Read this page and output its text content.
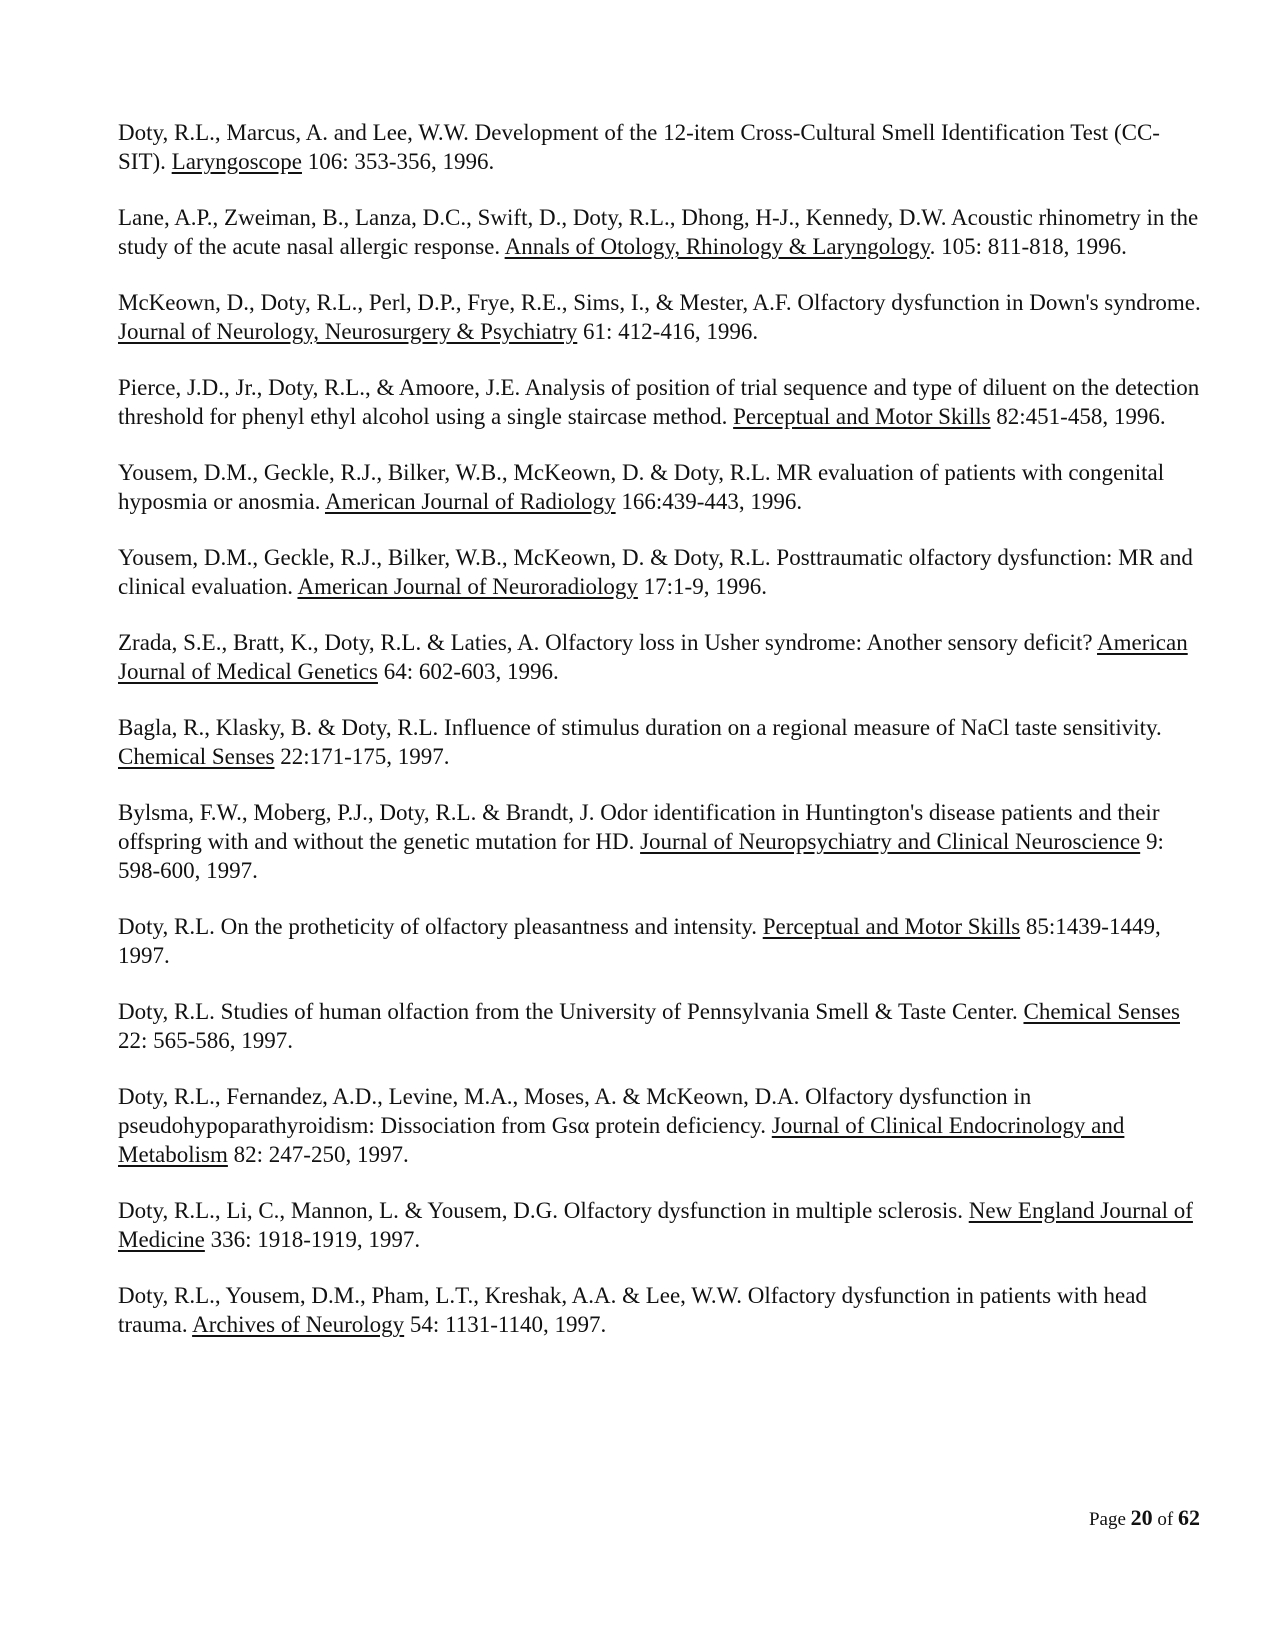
Doty, R.L., Marcus, A. and Lee, W.W. Development of the 12-item Cross-Cultural Smell Identification Test (CC-SIT). Laryngoscope 106: 353-356, 1996.

Lane, A.P., Zweiman, B., Lanza, D.C., Swift, D., Doty, R.L., Dhong, H-J., Kennedy, D.W. Acoustic rhinometry in the study of the acute nasal allergic response. Annals of Otology, Rhinology & Laryngology. 105: 811-818, 1996.

McKeown, D., Doty, R.L., Perl, D.P., Frye, R.E., Sims, I., & Mester, A.F. Olfactory dysfunction in Down's syndrome. Journal of Neurology, Neurosurgery & Psychiatry 61: 412-416, 1996.

Pierce, J.D., Jr., Doty, R.L., & Amoore, J.E. Analysis of position of trial sequence and type of diluent on the detection threshold for phenyl ethyl alcohol using a single staircase method. Perceptual and Motor Skills 82:451-458, 1996.

Yousem, D.M., Geckle, R.J., Bilker, W.B., McKeown, D. & Doty, R.L. MR evaluation of patients with congenital hyposmia or anosmia. American Journal of Radiology 166:439-443, 1996.

Yousem, D.M., Geckle, R.J., Bilker, W.B., McKeown, D. & Doty, R.L. Posttraumatic olfactory dysfunction: MR and clinical evaluation. American Journal of Neuroradiology 17:1-9, 1996.

Zrada, S.E., Bratt, K., Doty, R.L. & Laties, A. Olfactory loss in Usher syndrome: Another sensory deficit? American Journal of Medical Genetics 64: 602-603, 1996.

Bagla, R., Klasky, B. & Doty, R.L. Influence of stimulus duration on a regional measure of NaCl taste sensitivity. Chemical Senses 22:171-175, 1997.

Bylsma, F.W., Moberg, P.J., Doty, R.L. & Brandt, J. Odor identification in Huntington's disease patients and their offspring with and without the genetic mutation for HD. Journal of Neuropsychiatry and Clinical Neuroscience 9: 598-600, 1997.

Doty, R.L. On the protheticity of olfactory pleasantness and intensity. Perceptual and Motor Skills 85:1439-1449, 1997.

Doty, R.L. Studies of human olfaction from the University of Pennsylvania Smell & Taste Center. Chemical Senses 22: 565-586, 1997.

Doty, R.L., Fernandez, A.D., Levine, M.A., Moses, A. & McKeown, D.A. Olfactory dysfunction in pseudohypoparathyroidism: Dissociation from Gsα protein deficiency. Journal of Clinical Endocrinology and Metabolism 82: 247-250, 1997.

Doty, R.L., Li, C., Mannon, L. & Yousem, D.G. Olfactory dysfunction in multiple sclerosis. New England Journal of Medicine 336: 1918-1919, 1997.

Doty, R.L., Yousem, D.M., Pham, L.T., Kreshak, A.A. & Lee, W.W. Olfactory dysfunction in patients with head trauma. Archives of Neurology 54: 1131-1140, 1997.

Page 20 of 62
